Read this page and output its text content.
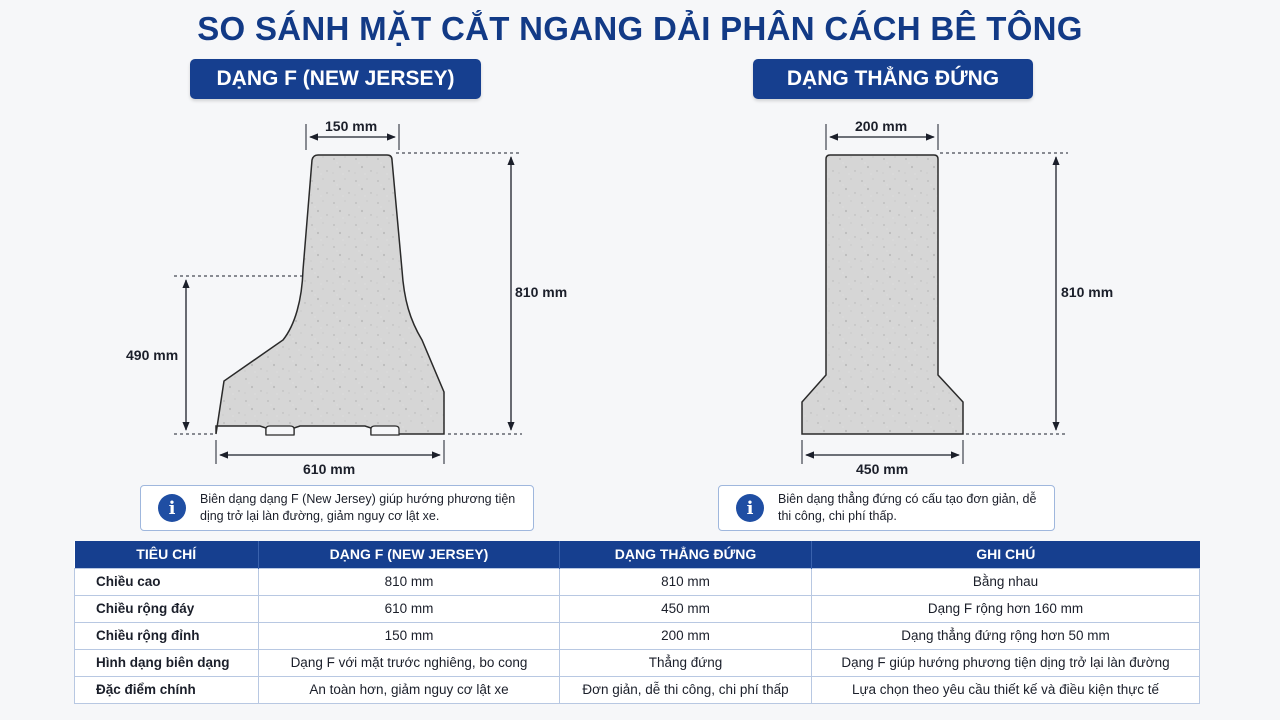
SO SÁNH MẶT CẮT NGANG DẢI PHÂN CÁCH BÊ TÔNG
DẠNG F (NEW JERSEY)	DẠNG THẲNG ĐỨNG
150 mm
810 mm
490 mm
610 mm
200 mm
810 mm
450 mm
i	Biên dạng dạng F (New Jersey) giúp hướng phương tiện dịng trở lại làn đường, giảm nguy cơ lật xe.	i	Biên dạng thẳng đứng có cấu tạo đơn giản, dễ thi công, chi phí thấp.
TIÊU CHÍ	DẠNG F (NEW JERSEY)	DẠNG THẲNG ĐỨNG	GHI CHÚ
Chiều cao	810 mm	810 mm	Bằng nhau
Chiều rộng đáy	610 mm	450 mm	Dạng F rộng hơn 160 mm
Chiều rộng đỉnh	150 mm	200 mm	Dạng thẳng đứng rộng hơn 50 mm
Hình dạng biên dạng	Dạng F với mặt trước nghiêng, bo cong	Thẳng đứng	Dạng F giúp hướng phương tiện dịng trở lại làn đường
Đặc điểm chính	An toàn hơn, giảm nguy cơ lật xe	Đơn giản, dễ thi công, chi phí thấp	Lựa chọn theo yêu cầu thiết kế và điều kiện thực tế
